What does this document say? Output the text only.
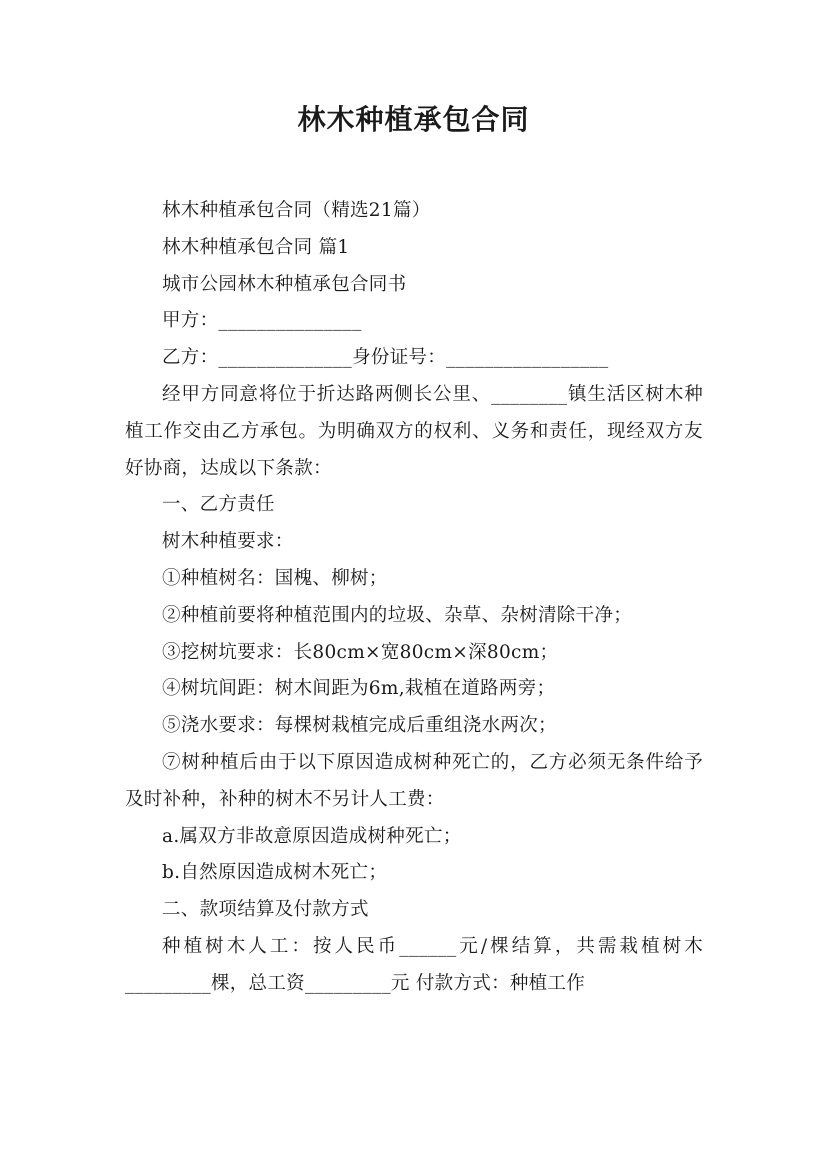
林木种植承包合同

林木种植承包合同（精选21篇）

林木种植承包合同 篇1

城市公园林木种植承包合同书

甲方：_______________

乙方：______________身份证号：_________________

经甲方同意将位于折达路两侧长公里、________镇生活区树木种植工作交由乙方承包。为明确双方的权利、义务和责任，现经双方友好协商，达成以下条款：

一、乙方责任

树木种植要求：

①种植树名：国槐、柳树；

②种植前要将种植范围内的垃圾、杂草、杂树清除干净；

③挖树坑要求：长80cm×宽80cm×深80cm；

④树坑间距：树木间距为6m,栽植在道路两旁；

⑤浇水要求：每棵树栽植完成后重组浇水两次；

⑦树种植后由于以下原因造成树种死亡的，乙方必须无条件给予及时补种，补种的树木不另计人工费：

a.属双方非故意原因造成树种死亡；

b.自然原因造成树木死亡；

二、款项结算及付款方式

种植树木人工：按人民币______元/棵结算，共需栽植树木_________棵，总工资_________元 付款方式：种植工作
